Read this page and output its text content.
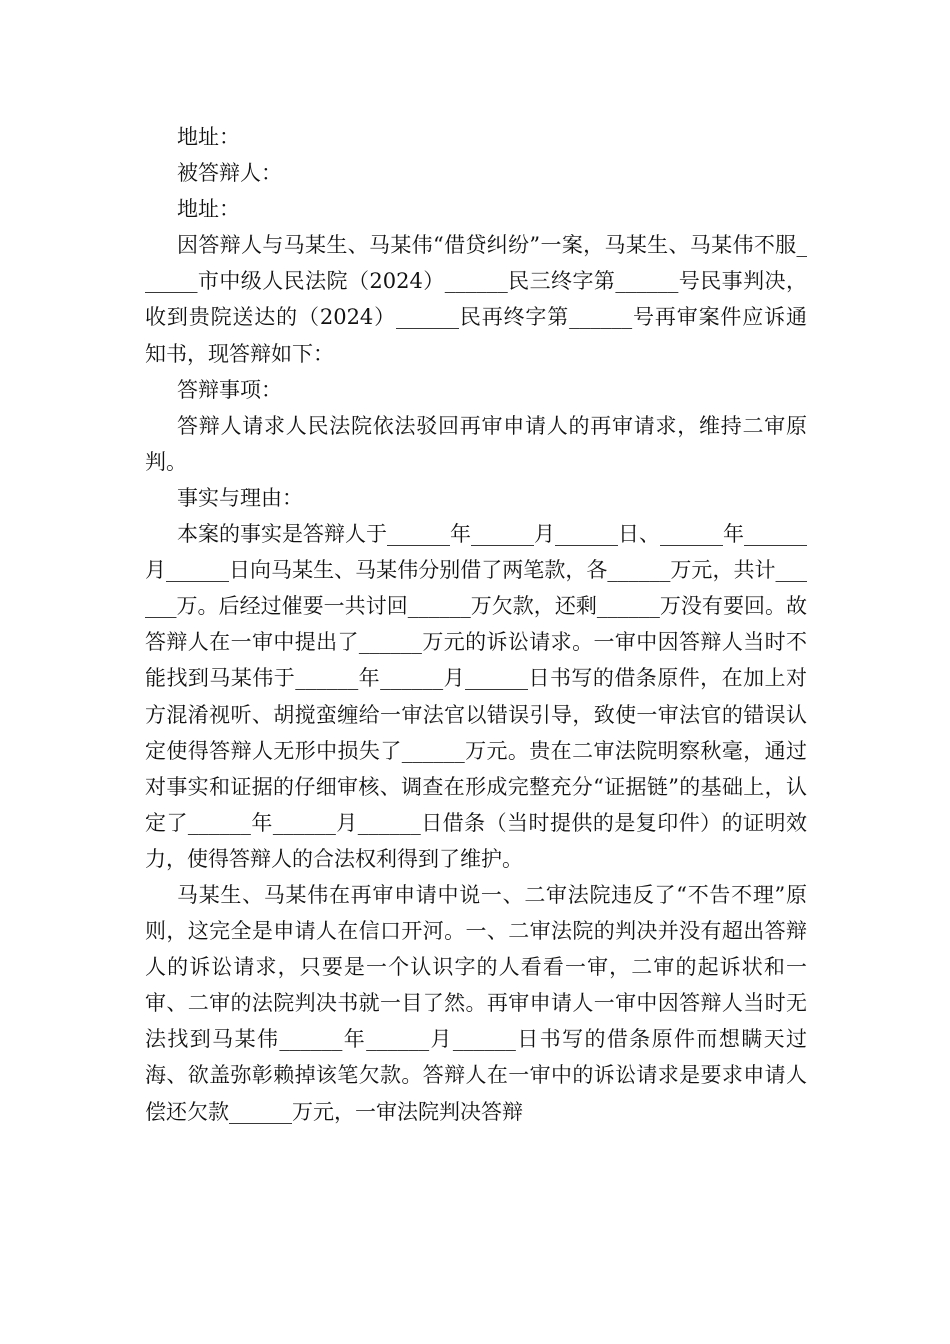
地址：

被答辩人：

地址：

因答辩人与马某生、马某伟“借贷纠纷”一案，马某生、马某伟不服______市中级人民法院（2024）______民三终字第______号民事判决，收到贵院送达的（2024）______民再终字第______号再审案件应诉通知书，现答辩如下：

答辩事项：

答辩人请求人民法院依法驳回再审申请人的再审请求，维持二审原判。

事实与理由：

本案的事实是答辩人于______年______月______日、______年______月______日向马某生、马某伟分别借了两笔款，各______万元，共计______万。后经过催要一共讨回______万欠款，还剩______万没有要回。故答辩人在一审中提出了______万元的诉讼请求。一审中因答辩人当时不能找到马某伟于______年______月______日书写的借条原件，在加上对方混淆视听、胡搅蛮缠给一审法官以错误引导，致使一审法官的错误认定使得答辩人无形中损失了______万元。贵在二审法院明察秋毫，通过对事实和证据的仔细审核、调查在形成完整充分“证据链”的基础上，认定了______年______月______日借条（当时提供的是复印件）的证明效力，使得答辩人的合法权利得到了维护。

马某生、马某伟在再审申请中说一、二审法院违反了“不告不理”原则，这完全是申请人在信口开河。一、二审法院的判决并没有超出答辩人的诉讼请求，只要是一个认识字的人看看一审，二审的起诉状和一审、二审的法院判决书就一目了然。再审申请人一审中因答辩人当时无法找到马某伟______年______月______日书写的借条原件而想瞒天过海、欲盖弥彰赖掉该笔欠款。答辩人在一审中的诉讼请求是要求申请人偿还欠款______万元，一审法院判决答辩
